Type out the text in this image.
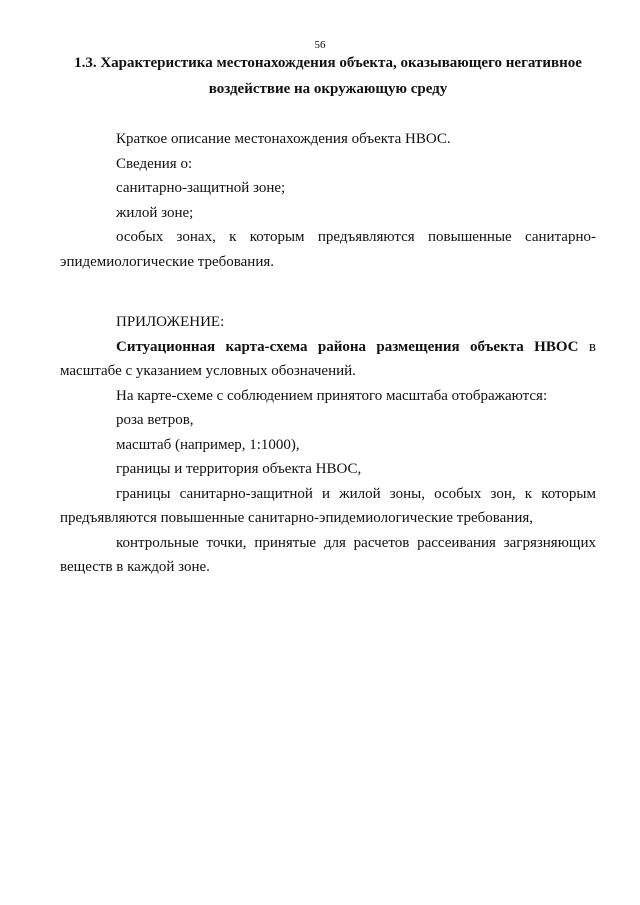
56
1.3. Характеристика местонахождения объекта, оказывающего негативное воздействие на окружающую среду

Краткое описание местонахождения объекта НВОС.

Сведения о:

санитарно-защитной зоне;

жилой зоне;

особых зонах, к которым предъявляются повышенные санитарно-эпидемиологические требования.

ПРИЛОЖЕНИЕ:

Ситуационная карта-схема района размещения объекта НВОС в масштабе с указанием условных обозначений.

На карте-схеме с соблюдением принятого масштаба отображаются:

роза ветров,

масштаб (например, 1:1000),

границы и территория объекта НВОС,

границы санитарно-защитной и жилой зоны, особых зон, к которым предъявляются повышенные санитарно-эпидемиологические требования,

контрольные точки, принятые для расчетов рассеивания загрязняющих веществ в каждой зоне.
